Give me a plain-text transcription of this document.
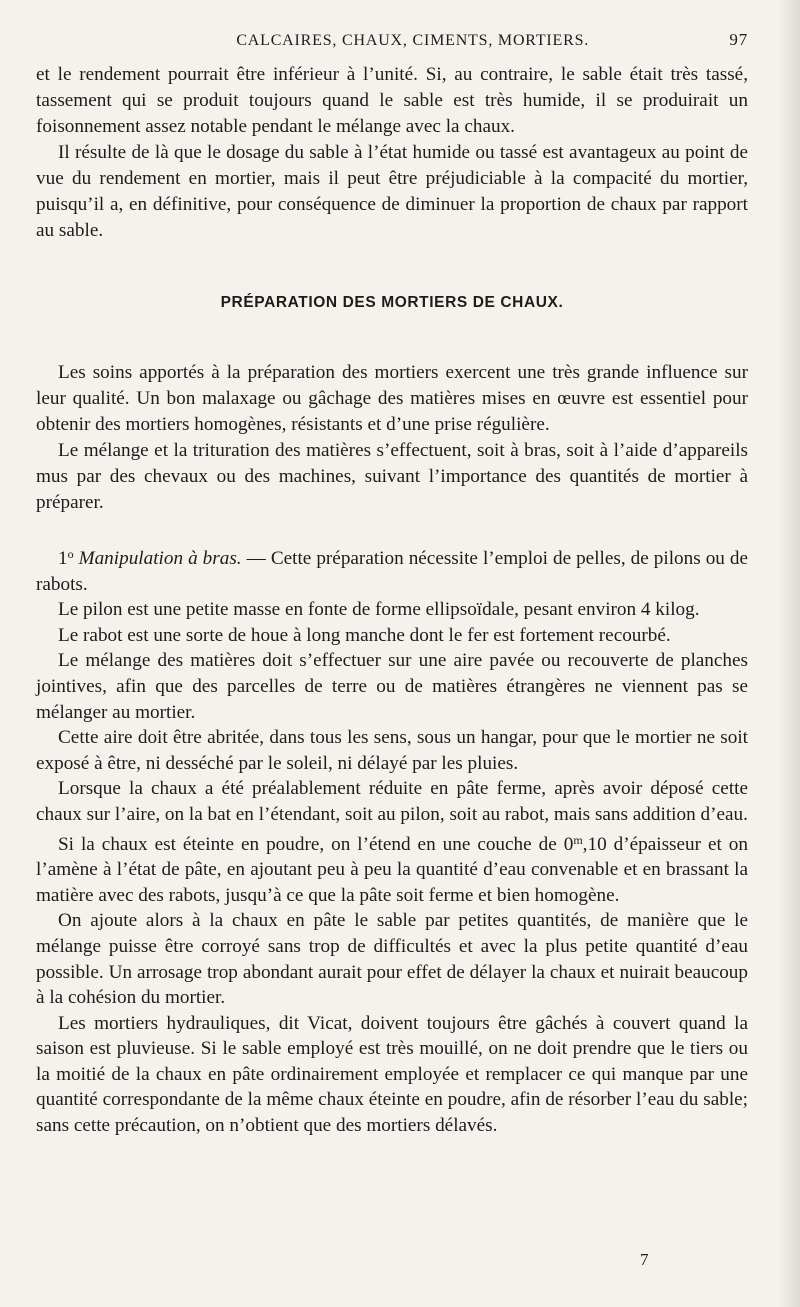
CALCAIRES, CHAUX, CIMENTS, MORTIERS.	97

et le rendement pourrait être inférieur à l’unité. Si, au contraire, le sable était très tassé, tassement qui se produit toujours quand le sable est très humide, il se produirait un foisonnement assez notable pendant le mélange avec la chaux.

Il résulte de là que le dosage du sable à l’état humide ou tassé est avantageux au point de vue du rendement en mortier, mais il peut être préjudiciable à la compacité du mortier, puisqu’il a, en définitive, pour conséquence de diminuer la proportion de chaux par rapport au sable.

PRÉPARATION DES MORTIERS DE CHAUX.

Les soins apportés à la préparation des mortiers exercent une très grande influence sur leur qualité. Un bon malaxage ou gâchage des matières mises en œuvre est essentiel pour obtenir des mortiers homogènes, résistants et d’une prise régulière.

Le mélange et la trituration des matières s’effectuent, soit à bras, soit à l’aide d’appareils mus par des chevaux ou des machines, suivant l’importance des quantités de mortier à préparer.

1$^o$ Manipulation à bras. — Cette préparation nécessite l’emploi de pelles, de pilons ou de rabots.

Le pilon est une petite masse en fonte de forme ellipsoïdale, pesant environ 4 kilog.

Le rabot est une sorte de houe à long manche dont le fer est fortement recourbé.

Le mélange des matières doit s’effectuer sur une aire pavée ou recouverte de planches jointives, afin que des parcelles de terre ou de matières étrangères ne viennent pas se mélanger au mortier.

Cette aire doit être abritée, dans tous les sens, sous un hangar, pour que le mortier ne soit exposé à être, ni desséché par le soleil, ni délayé par les pluies.

Lorsque la chaux a été préalablement réduite en pâte ferme, après avoir déposé cette chaux sur l’aire, on la bat en l’étendant, soit au pilon, soit au rabot, mais sans addition d’eau.

Si la chaux est éteinte en poudre, on l’étend en une couche de 0$^m$,10 d’épaisseur et on l’amène à l’état de pâte, en ajoutant peu à peu la quantité d’eau convenable et en brassant la matière avec des rabots, jusqu’à ce que la pâte soit ferme et bien homogène.

On ajoute alors à la chaux en pâte le sable par petites quantités, de manière que le mélange puisse être corroyé sans trop de difficultés et avec la plus petite quantité d’eau possible. Un arrosage trop abondant aurait pour effet de délayer la chaux et nuirait beaucoup à la cohésion du mortier.

Les mortiers hydrauliques, dit Vicat, doivent toujours être gâchés à couvert quand la saison est pluvieuse. Si le sable employé est très mouillé, on ne doit prendre que le tiers ou la moitié de la chaux en pâte ordinairement employée et remplacer ce qui manque par une quantité correspondante de la même chaux éteinte en poudre, afin de résorber l’eau du sable; sans cette précaution, on n’obtient que des mortiers délavés.

7
